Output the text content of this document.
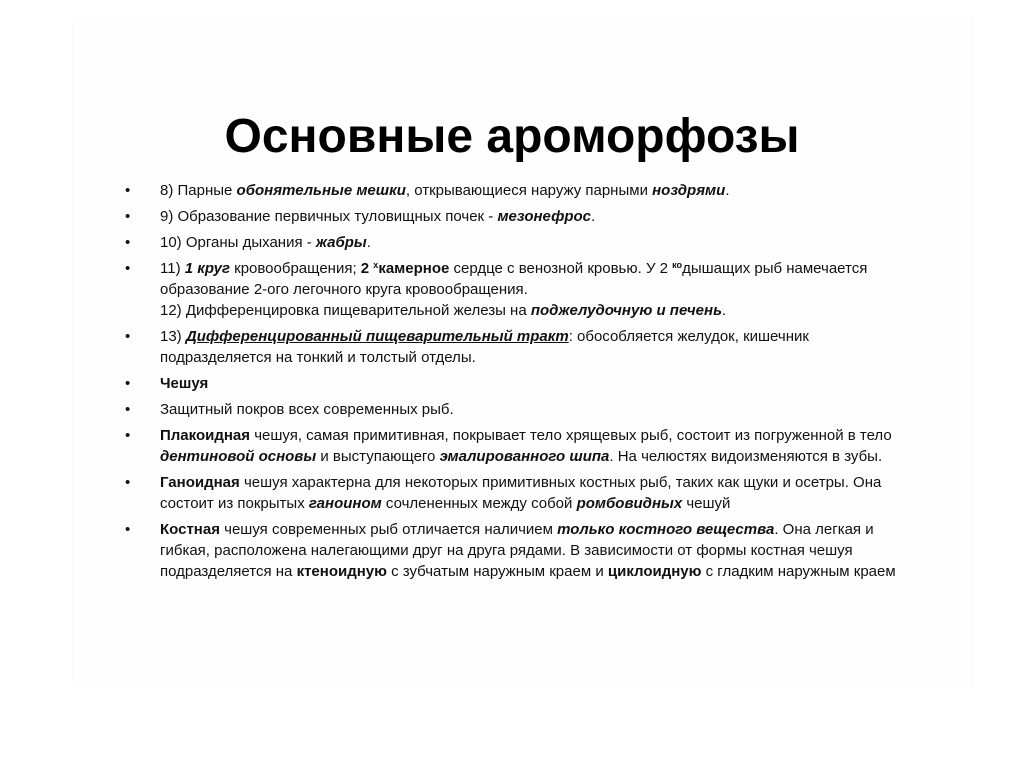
Основные ароморфозы
•	8) Парные обонятельные мешки, открывающиеся наружу парными ноздрями.
•	9) Образование первичных туловищных почек - мезонефрос.
•	10) Органы дыхания - жабры.
•	11) 1 круг кровообращения; 2 $^х$камерное сердце с венозной кровью. У 2 $^{ко}$дышащих рыб намечается образование 2-ого легочного круга кровообращения.
12) Дифференцировка пищеварительной железы на поджелудочную и печень.
•	13) Дифференцированный пищеварительный тракт: обособляется желудок, кишечник подразделяется на тонкий и толстый отделы.
•	Чешуя
•	Защитный покров всех современных рыб.
•	Плакоидная чешуя, самая примитивная, покрывает тело хрящевых рыб, состоит из погруженной в тело дентиновой основы и выступающего эмалированного шипа. На челюстях видоизменяются в зубы.
•	Ганоидная чешуя характерна для некоторых примитивных костных рыб, таких как щуки и осетры. Она состоит из покрытых ганоином сочлененных между собой ромбовидных чешуй
•	Костная чешуя современных рыб отличается наличием только костного вещества. Она легкая и гибкая, расположена налегающими друг на друга рядами. В зависимости от формы костная чешуя подразделяется на ктеноидную с зубчатым наружным краем и циклоидную с гладким наружным краем
